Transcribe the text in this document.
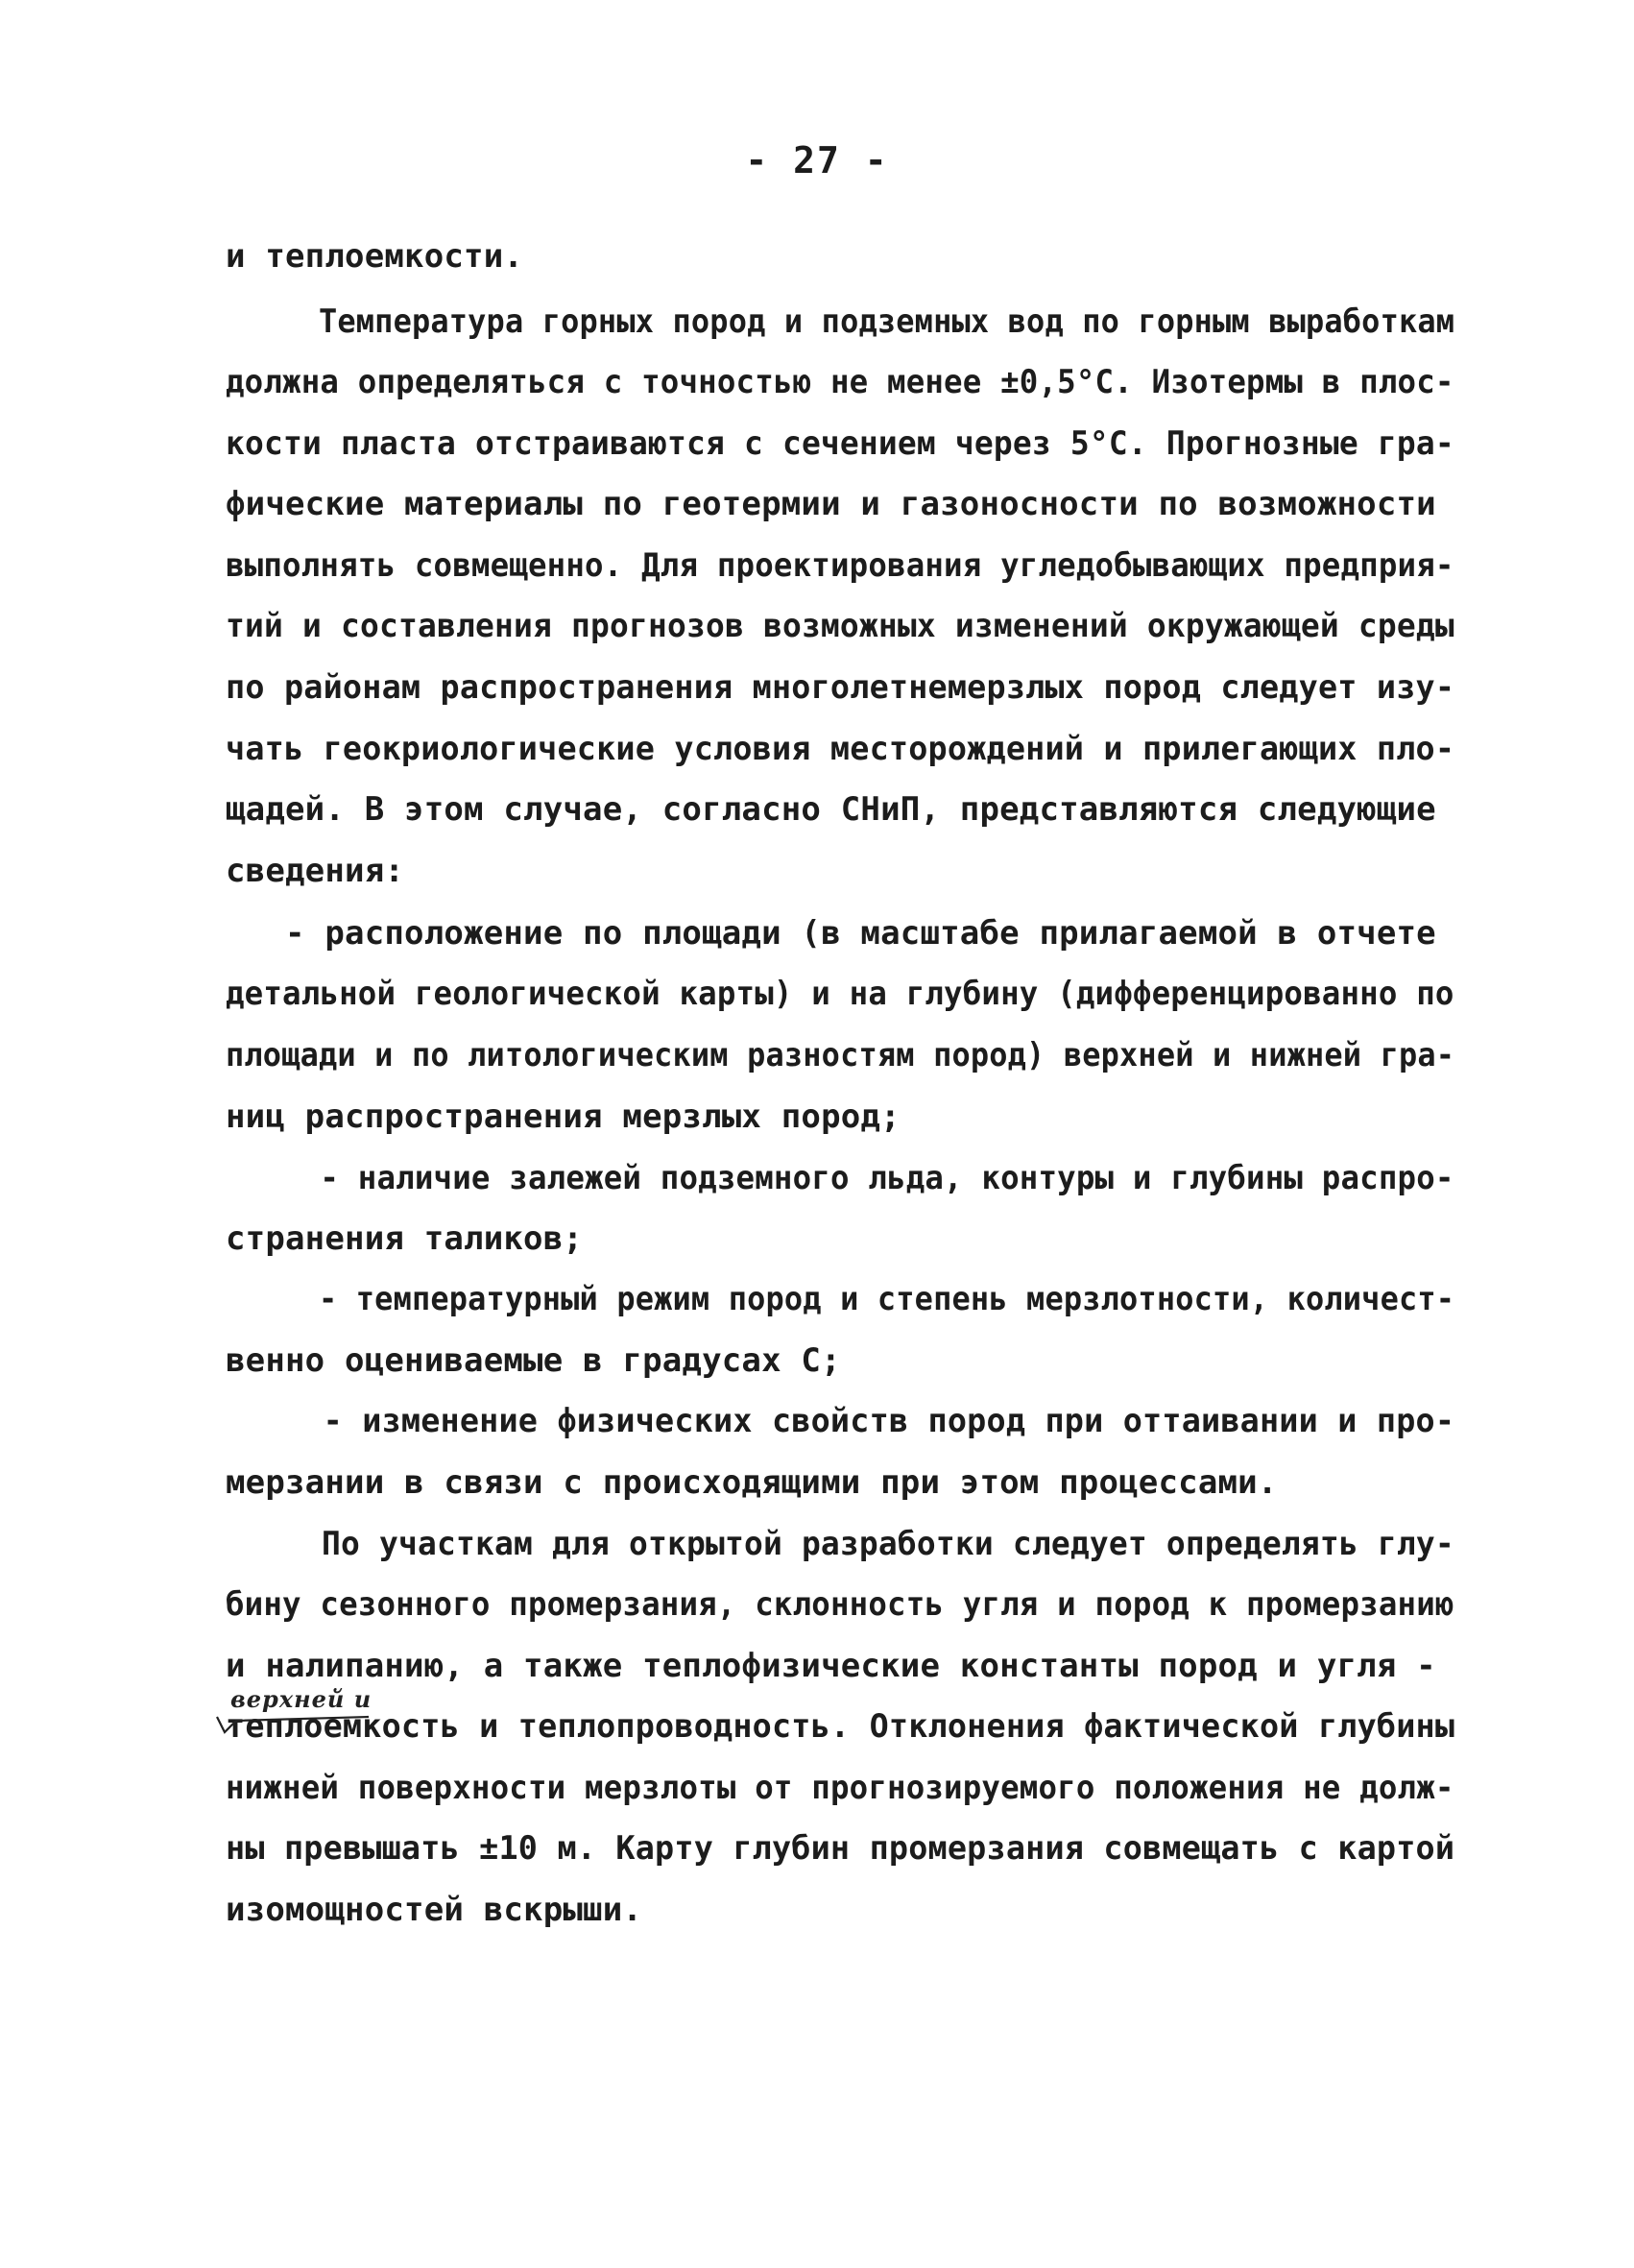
- 27 -
и теплоемкости.
Температура горных пород и подземных вод по горным выработкам
должна определяться с точностью не менее ±0,5°С. Изотермы в плос-
кости пласта отстраиваются с сечением через 5°С. Прогнозные гра-
фические материалы по геотермии и газоносности по возможности
выполнять совмещенно. Для проектирования угледобывающих предприя-
тий и составления прогнозов возможных изменений окружающей среды
по районам распространения многолетнемерзлых пород следует изу-
чать геокриологические условия месторождений и прилегающих пло-
щадей. В этом случае, согласно СНиП, представляются следующие
сведения:
- расположение по площади (в масштабе прилагаемой в отчете
детальной геологической карты) и на глубину (дифференцированно по
площади и по литологическим разностям пород) верхней и нижней гра-
ниц распространения мерзлых пород;
- наличие залежей подземного льда, контуры и глубины распро-
странения таликов;
- температурный режим пород и степень мерзлотности, количест-
венно оцениваемые в градусах С;
- изменение физических свойств пород при оттаивании и про-
мерзании в связи с происходящими при этом процессами.
По участкам для открытой разработки следует определять глу-
бину сезонного промерзания, склонность угля и пород к промерзанию
и налипанию, а также теплофизические константы пород и угля -
теплоемкость и теплопроводность. Отклонения фактической глубины
нижней поверхности мерзлоты от прогнозируемого положения не долж-
ны превышать ±10 м. Карту глубин промерзания совмещать с картой
изомощностей вскрыши.
верхней и
